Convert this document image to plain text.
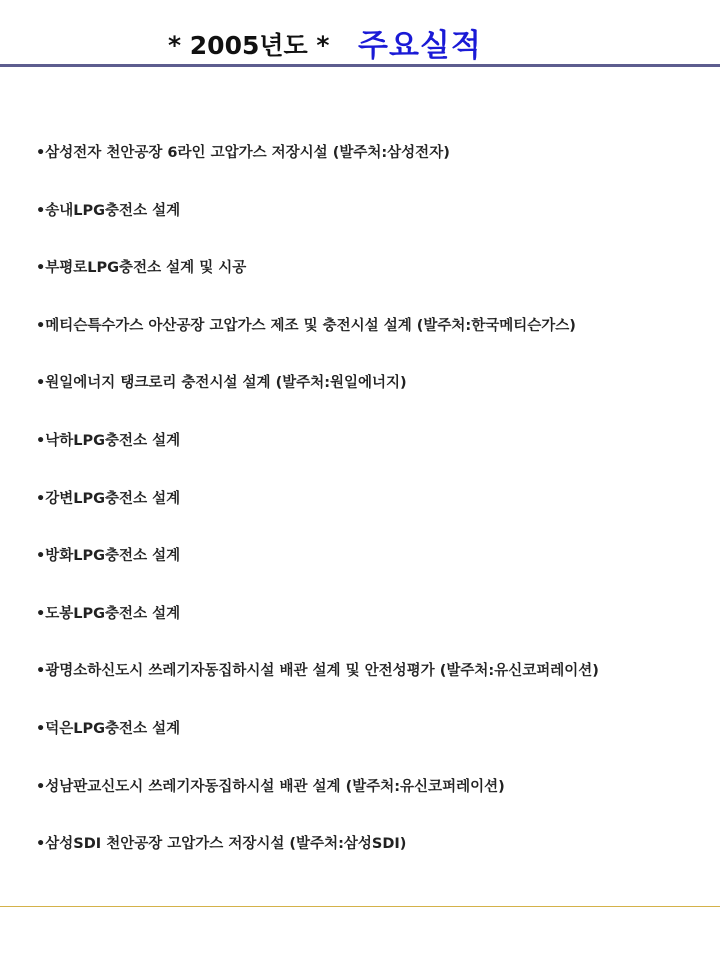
* 2005년도 * 주요실적
•삼성전자 천안공장 6라인 고압가스 저장시설 (발주처:삼성전자)
•송내LPG충전소 설계
•부평로LPG충전소 설계 및 시공
•메티슨특수가스 아산공장 고압가스 제조 및 충전시설 설계 (발주처:한국메티슨가스)
•원일에너지 탱크로리 충전시설 설계 (발주처:원일에너지)
•낙하LPG충전소 설계
•강변LPG충전소 설계
•방화LPG충전소 설계
•도봉LPG충전소 설계
•광명소하신도시 쓰레기자동집하시설 배관 설계 및 안전성평가 (발주처:유신코퍼레이션)
•덕은LPG충전소 설계
•성남판교신도시 쓰레기자동집하시설 배관 설계 (발주처:유신코퍼레이션)
•삼성SDI 천안공장 고압가스 저장시설 (발주처:삼성SDI)
